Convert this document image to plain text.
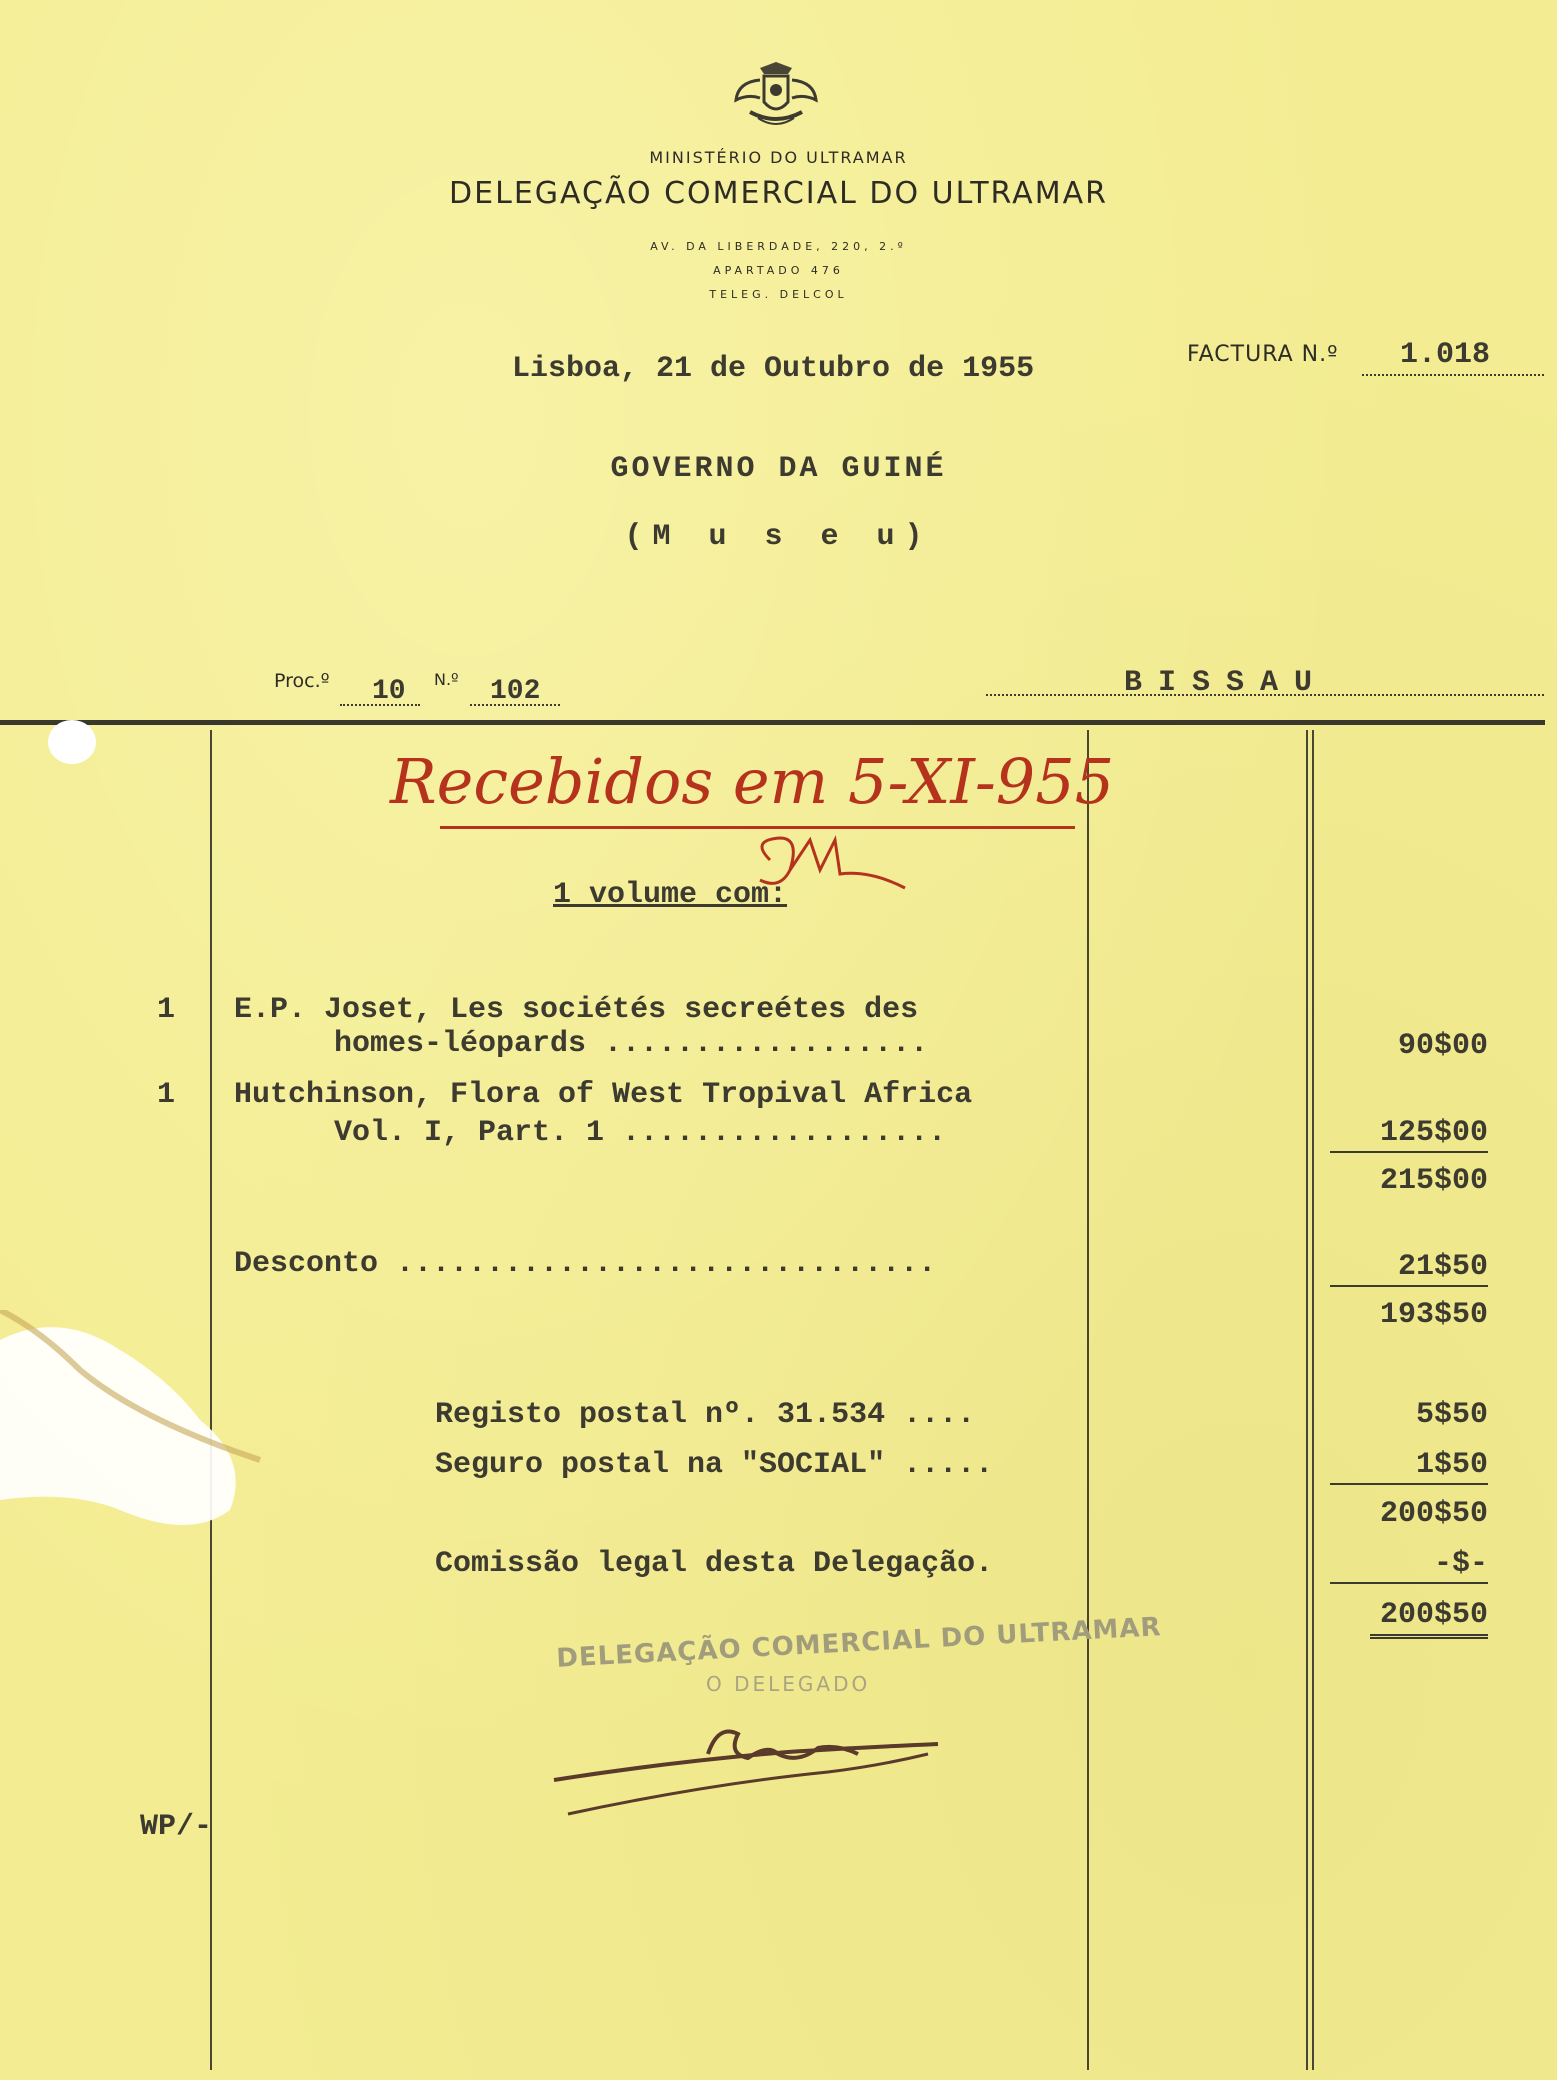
MINISTÉRIO DO ULTRAMAR
DELEGAÇÃO COMERCIAL DO ULTRAMAR
AV. DA LIBERDADE, 220, 2.º
APARTADO 476
TELEG. DELCOL
Lisboa, 21 de Outubro de 1955	FACTURA N.º 1.018
GOVERNO DA GUINÉ
(M u s e u)
Proc.º 10 N.º 102	BISSAU
Recebidos em 5-XI-955
1 volume com:
1 E.P. Joset, Les sociétés secreétes des
homes-léopards ..................	90$00
1 Hutchinson, Flora of West Tropival Africa
Vol. I, Part. 1 ..................	125$00
215$00
Desconto ..............................	21$50
193$50
Registo postal nº. 31.534 ....	5$50
Seguro postal na "SOCIAL" .....	1$50
200$50
Comissão legal desta Delegação.	-$-
200$50
DELEGAÇÃO COMERCIAL DO ULTRAMAR
O DELEGADO
WP/-
